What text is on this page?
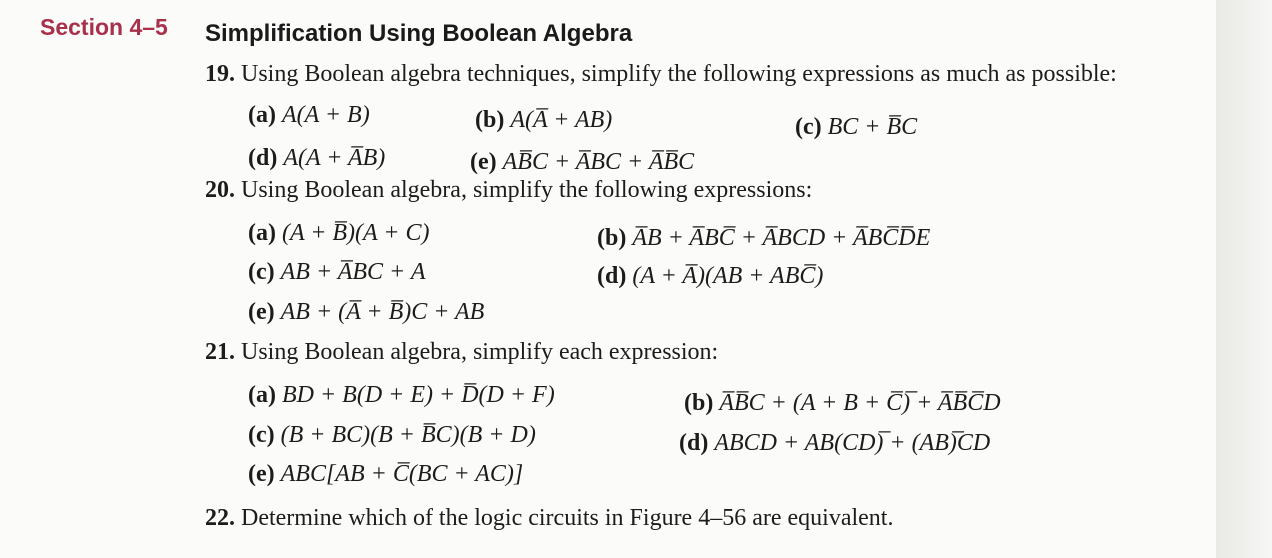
Section 4–5 Simplification Using Boolean Algebra
19. Using Boolean algebra techniques, simplify the following expressions as much as possible:
(a) A(A + B)	(b) A(A̅ + AB)	(c) BC + B̅C
(d) A(A + A̅B)	(e) AB̅C + A̅BC + A̅B̅C
20. Using Boolean algebra, simplify the following expressions:
(a) (A + B̅)(A + C)	(b) A̅B + A̅BC̅ + A̅BCD + A̅BC̅D̅E
(c) AB + A̅BC + A	(d) (A + A̅)(AB + ABC̅)
(e) AB + (A̅ + B̅)C + AB
21. Using Boolean algebra, simplify each expression:
(a) BD + B(D + E) + D̅(D + F)	(b) A̅B̅C + (A + B + C̅)̅ + A̅B̅C̅D
(c) (B + BC)(B + B̅C)(B + D)	(d) ABCD + AB(CD)̅ + (AB)̅CD
(e) ABC[AB + C̅(BC + AC)]
22. Determine which of the logic circuits in Figure 4–56 are equivalent.
